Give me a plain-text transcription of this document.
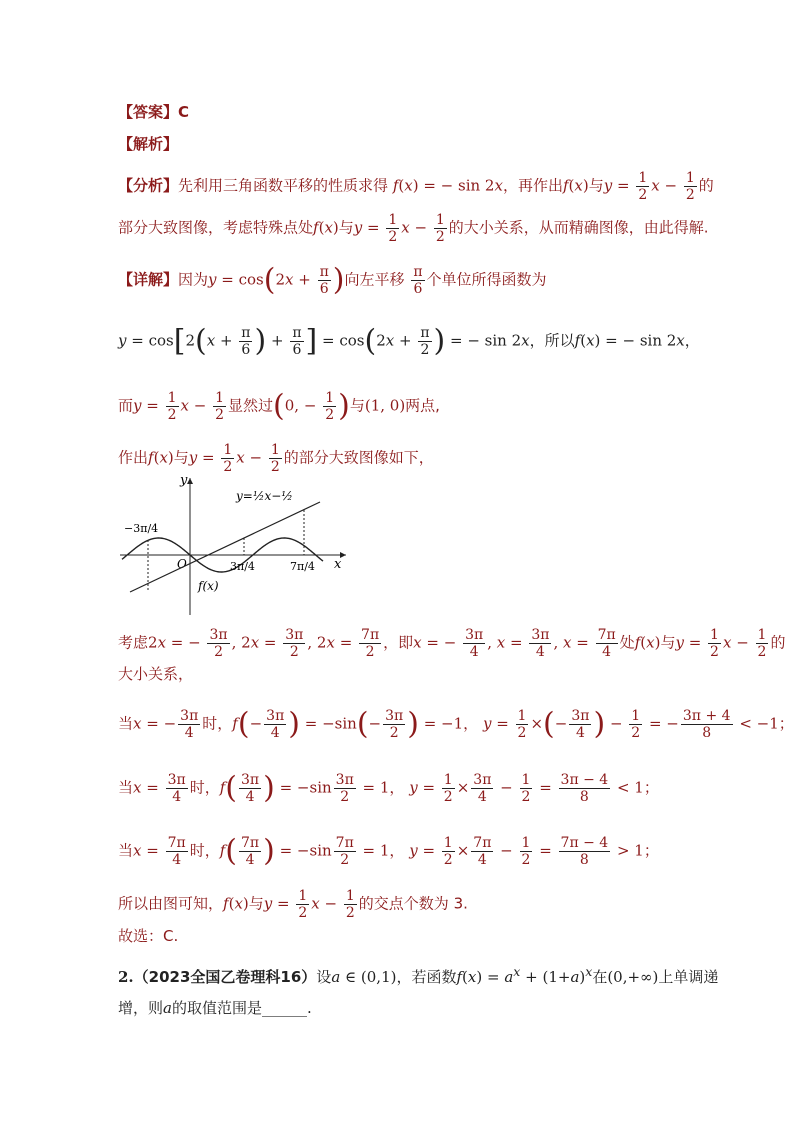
【答案】C
【解析】
【分析】先利用三角函数平移的性质求得 f(x) = − sin 2x，再作出f(x)与$y = \frac{1}{2}$ $x - \frac{1}{2}$ 的
部分大致图像，考虑特殊点处f(x)与$y = \frac{1}{2}$ $x - \frac{1}{2}$ 的大小关系，从而精确图像，由此得解.
【详解】因为$y = \cos(2x + \frac{\pi}{6}$ )向左平移 $\frac{\pi}{6}$ 个单位所得函数为
$y = \cos[2(x + \frac{\pi}{6}$ ) + $\frac{\pi}{6}$ ] = $\cos(2x + \frac{\pi}{2}$ ) = − sin 2x，所以f(x) = − sin 2x，
而$y = \frac{1}{2}$ $x - \frac{1}{2}$ 显然过(0, − $\frac{1}{2}$ )与(1, 0)两点,
作出f(x)与$y = \frac{1}{2}$ $x - \frac{1}{2}$ 的部分大致图像如下，
y
x
O
y=½x−½
f(x)
−3π/4
3π/4	7π/4
考虑2x = − $\frac{3\pi}{2}$ , $2x = \frac{3\pi}{2}$ , $2x = \frac{7\pi}{2}$ ，即x = − $\frac{3\pi}{4}$ , $x = \frac{3\pi}{4}$ , $x = \frac{7\pi}{4}$ 处f(x)与$y = \frac{1}{2}$ $x - \frac{1}{2}$ 的
大小关系，
当x = − $\frac{3\pi}{4}$ 时，$f(- \frac{3\pi}{4}$ ) = $-\sin(- \frac{3\pi}{2}$ ) = −1， $y = \frac{1}{2}$ ×(− $\frac{3\pi}{4}$ ) − $\frac{1}{2}$ = − $\frac{3\pi + 4}{8} < -1$；
当$x = \frac{3\pi}{4}$ 时，$f( \frac{3\pi}{4}$ ) = $-\sin \frac{3\pi}{2} = 1$， $y = \frac{1}{2} \times \frac{3\pi}{4} - \frac{1}{2} = \frac{3\pi - 4}{8} < 1$；
当$x = \frac{7\pi}{4}$ 时，$f( \frac{7\pi}{4}$ ) = $-\sin \frac{7\pi}{2} = 1$， $y = \frac{1}{2} \times \frac{7\pi}{4} - \frac{1}{2} = \frac{7\pi - 4}{8} > 1$；
所以由图可知，f(x)与$y = \frac{1}{2}$ $x - \frac{1}{2}$ 的交点个数为 3.
故选：C.
2.（2023全国乙卷理科16）设a ∈ (0,1)，若函数$f(x) = a^x + (1+a)^x$在(0,+∞)上单调递
增，则a的取值范围是______.
